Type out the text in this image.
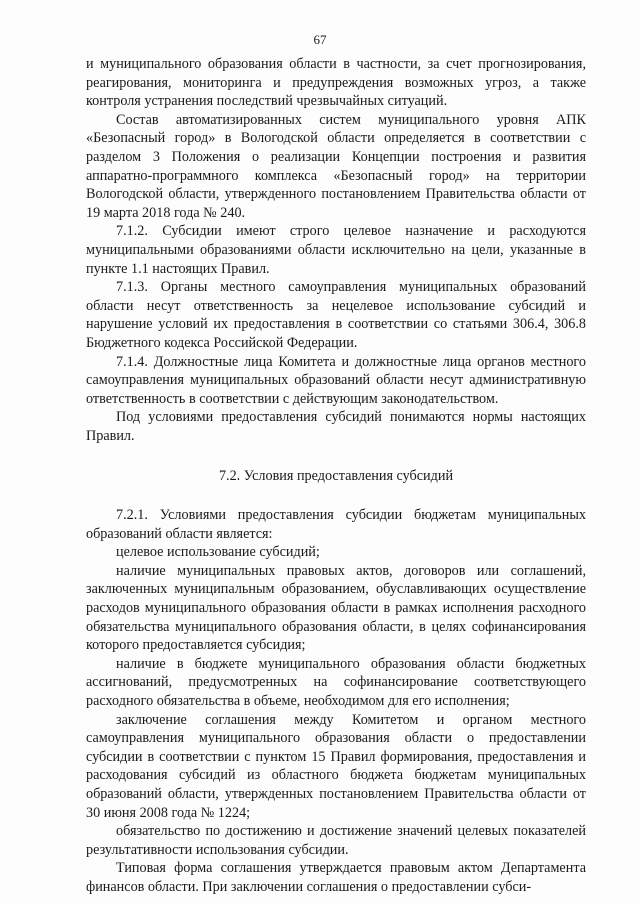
67

и муниципального образования области в частности, за счет прогнозирования, реагирования, мониторинга и предупреждения возможных угроз, а также контроля устранения последствий чрезвычайных ситуаций.

Состав автоматизированных систем муниципального уровня АПК «Безопасный город» в Вологодской области определяется в соответствии с разделом 3 Положения о реализации Концепции построения и развития аппаратно-программного комплекса «Безопасный город» на территории Вологодской области, утвержденного постановлением Правительства области от 19 марта 2018 года № 240.

7.1.2. Субсидии имеют строго целевое назначение и расходуются муниципальными образованиями области исключительно на цели, указанные в пункте 1.1 настоящих Правил.

7.1.3. Органы местного самоуправления муниципальных образований области несут ответственность за нецелевое использование субсидий и нарушение условий их предоставления в соответствии со статьями 306.4, 306.8 Бюджетного кодекса Российской Федерации.

7.1.4. Должностные лица Комитета и должностные лица органов местного самоуправления муниципальных образований области несут административную ответственность в соответствии с действующим законодательством.

Под условиями предоставления субсидий понимаются нормы настоящих Правил.

7.2. Условия предоставления субсидий

7.2.1. Условиями предоставления субсидии бюджетам муниципальных образований области является:

целевое использование субсидий;

наличие муниципальных правовых актов, договоров или соглашений, заключенных муниципальным образованием, обуславливающих осуществление расходов муниципального образования области в рамках исполнения расходного обязательства муниципального образования области, в целях софинансирования которого предоставляется субсидия;

наличие в бюджете муниципального образования области бюджетных ассигнований, предусмотренных на софинансирование соответствующего расходного обязательства в объеме, необходимом для его исполнения;

заключение соглашения между Комитетом и органом местного самоуправления муниципального образования области о предоставлении субсидии в соответствии с пунктом 15 Правил формирования, предоставления и расходования субсидий из областного бюджета бюджетам муниципальных образований области, утвержденных постановлением Правительства области от 30 июня 2008 года № 1224;

обязательство по достижению и достижение значений целевых показателей результативности использования субсидии.

Типовая форма соглашения утверждается правовым актом Департамента финансов области. При заключении соглашения о предоставлении субси-
